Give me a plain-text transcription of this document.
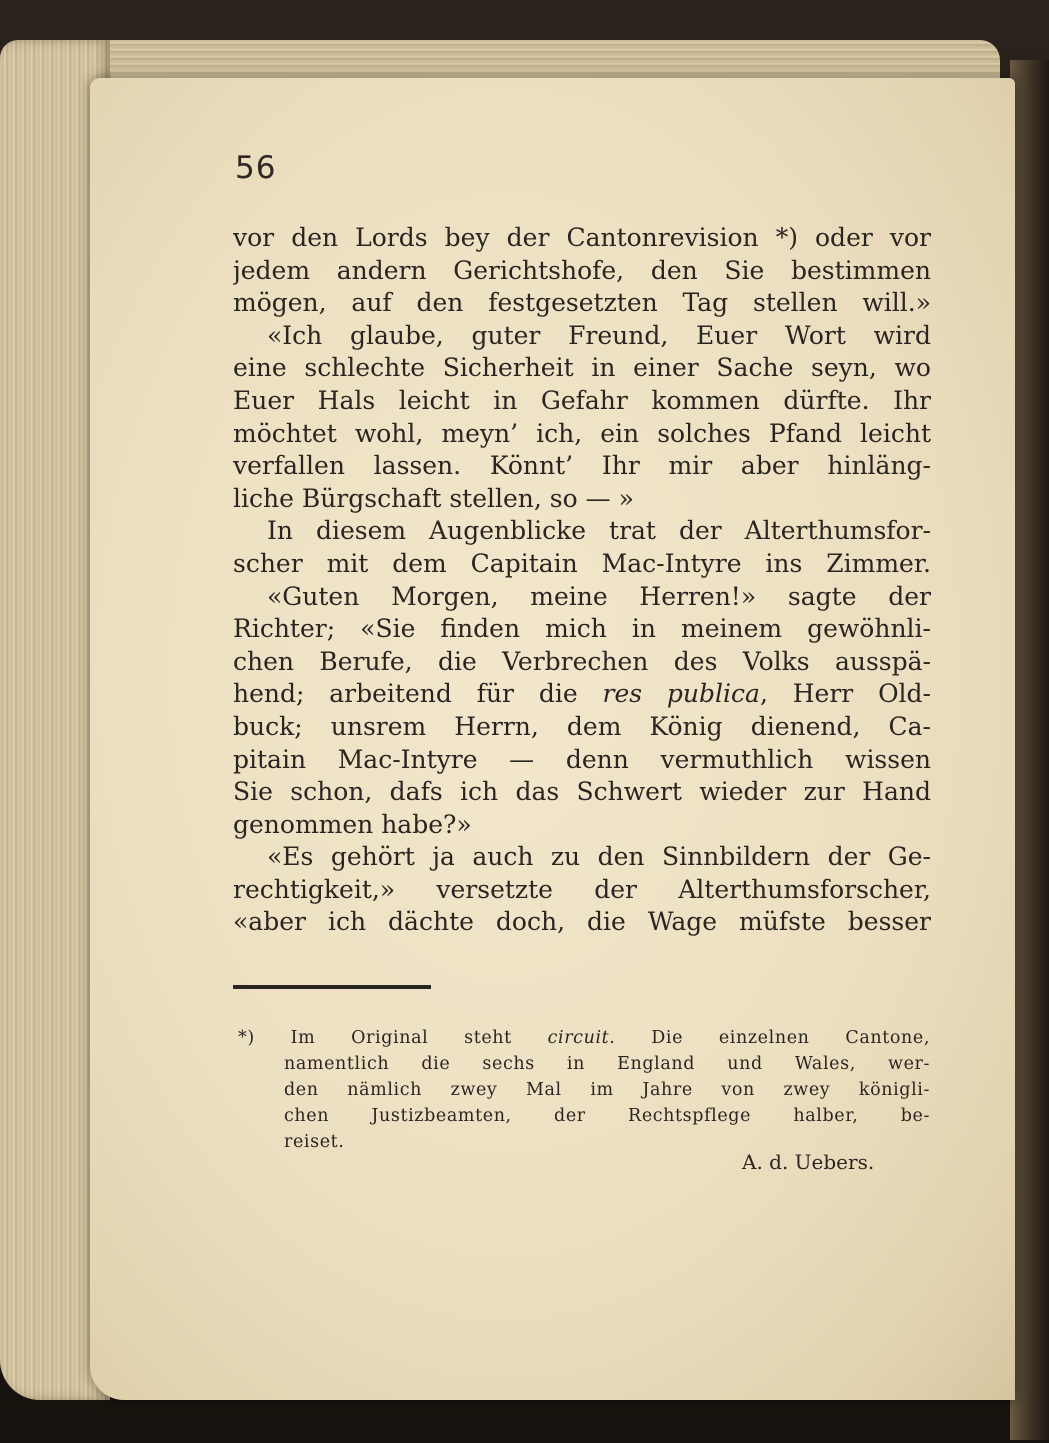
56
vor den Lords bey der Cantonrevision *) oder vor
jedem andern Gerichtshofe, den Sie bestimmen
mögen, auf den festgesetzten Tag stellen will.»
«Ich glaube, guter Freund, Euer Wort wird
eine schlechte Sicherheit in einer Sache seyn, wo
Euer Hals leicht in Gefahr kommen dürfte. Ihr
möchtet wohl, meyn’ ich, ein solches Pfand leicht
verfallen lassen. Könnt’ Ihr mir aber hinläng-
liche Bürgschaft stellen, so — »
In diesem Augenblicke trat der Alterthumsfor-
scher mit dem Capitain Mac-Intyre ins Zimmer.
«Guten Morgen, meine Herren!» sagte der
Richter; «Sie finden mich in meinem gewöhnli-
chen Berufe, die Verbrechen des Volks ausspä-
hend; arbeitend für die res publica, Herr Old-
buck; unsrem Herrn, dem König dienend, Ca-
pitain Mac-Intyre — denn vermuthlich wissen
Sie schon, dafs ich das Schwert wieder zur Hand
genommen habe?»
«Es gehört ja auch zu den Sinnbildern der Ge-
rechtigkeit,» versetzte der Alterthumsforscher,
«aber ich dächte doch, die Wage müfste besser
*) Im Original steht circuit. Die einzelnen Cantone,
namentlich die sechs in England und Wales, wer-
den nämlich zwey Mal im Jahre von zwey königli-
chen Justizbeamten, der Rechtspflege halber, be-
reiset.
A. d. Uebers.
